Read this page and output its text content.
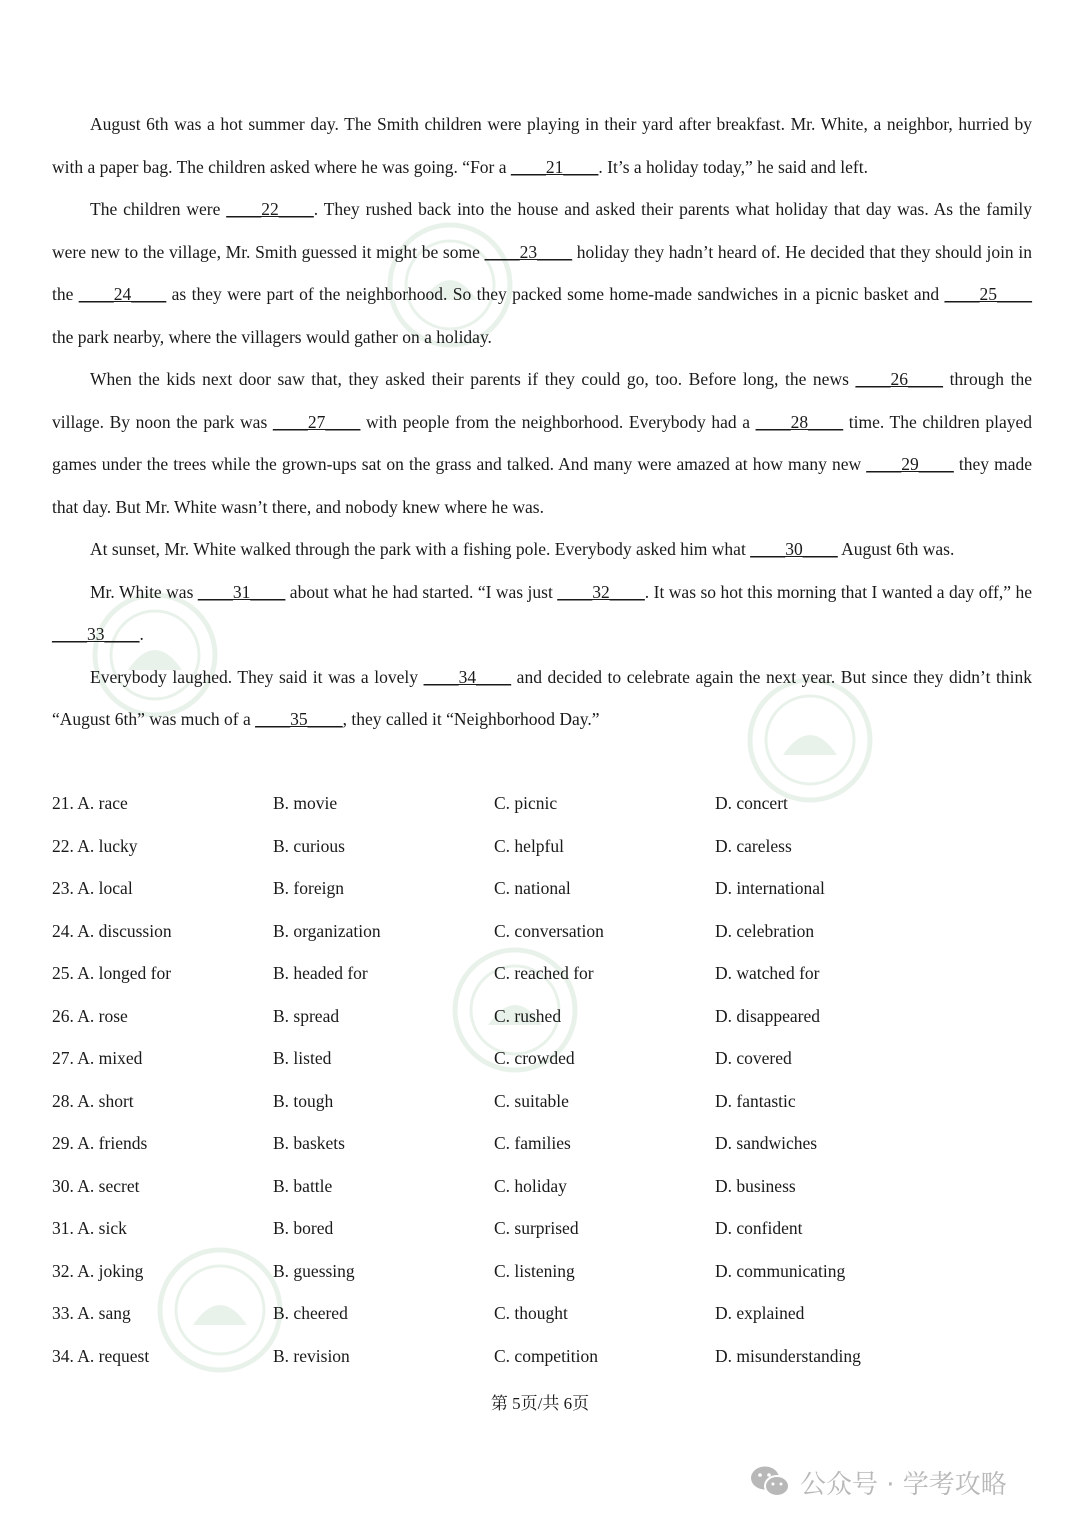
August 6th was a hot summer day. The Smith children were playing in their yard after breakfast. Mr. White, a neighbor, hurried by with a paper bag. The children asked where he was going. “For a ____21____. It’s a holiday today,” he said and left.

The children were ____22____. They rushed back into the house and asked their parents what holiday that day was. As the family were new to the village, Mr. Smith guessed it might be some ____23____ holiday they hadn’t heard of. He decided that they should join in the ____24____ as they were part of the neighborhood. So they packed some home-made sandwiches in a picnic basket and ____25____ the park nearby, where the villagers would gather on a holiday.

When the kids next door saw that, they asked their parents if they could go, too. Before long, the news ____26____ through the village. By noon the park was ____27____ with people from the neighborhood. Everybody had a ____28____ time. The children played games under the trees while the grown-ups sat on the grass and talked. And many were amazed at how many new ____29____ they made that day. But Mr. White wasn’t there, and nobody knew where he was.

At sunset, Mr. White walked through the park with a fishing pole. Everybody asked him what ____30____ August 6th was.

Mr. White was ____31____ about what he had started. “I was just ____32____. It was so hot this morning that I wanted a day off,” he ____33____.

Everybody laughed. They said it was a lovely ____34____ and decided to celebrate again the next year. But since they didn’t think “August 6th” was much of a ____35____, they called it “Neighborhood Day.”

21. A. race	B. movie	C. picnic	D. concert
22. A. lucky	B. curious	C. helpful	D. careless
23. A. local	B. foreign	C. national	D. international
24. A. discussion	B. organization	C. conversation	D. celebration
25. A. longed for	B. headed for	C. reached for	D. watched for
26. A. rose	B. spread	C. rushed	D. disappeared
27. A. mixed	B. listed	C. crowded	D. covered
28. A. short	B. tough	C. suitable	D. fantastic
29. A. friends	B. baskets	C. families	D. sandwiches
30. A. secret	B. battle	C. holiday	D. business
31. A. sick	B. bored	C. surprised	D. confident
32. A. joking	B. guessing	C. listening	D. communicating
33. A. sang	B. cheered	C. thought	D. explained
34. A. request	B. revision	C. competition	D. misunderstanding
第 5页/共 6页
公众号 · 学考攻略
